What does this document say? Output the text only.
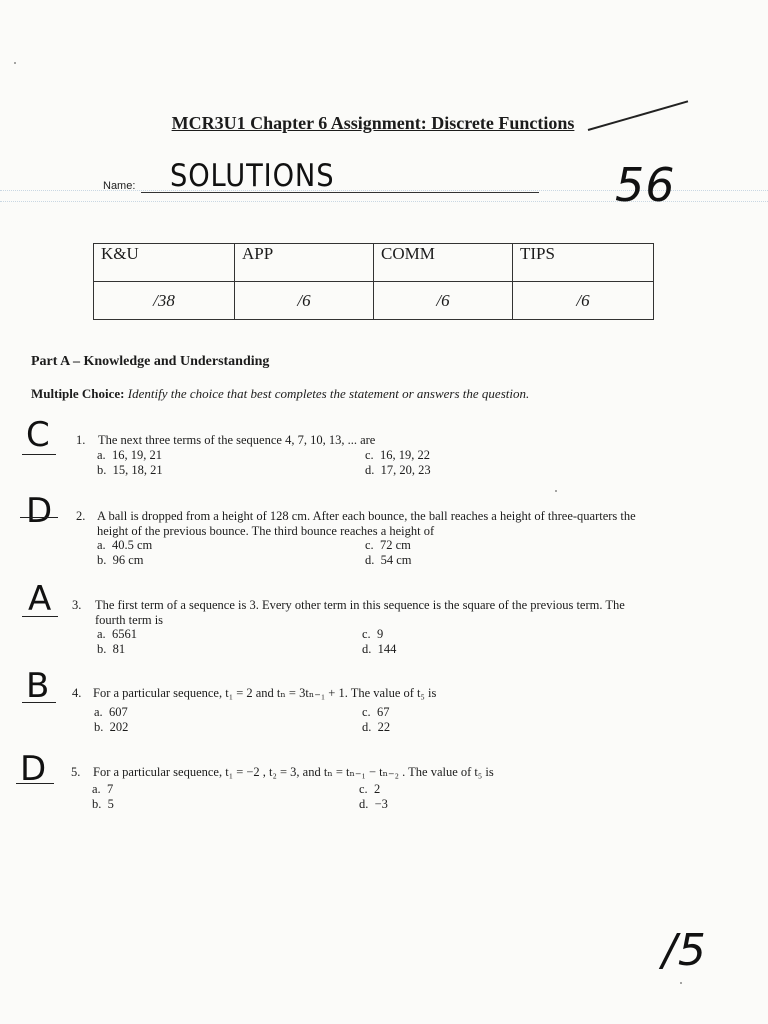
MCR3U1 Chapter 6 Assignment: Discrete Functions
Name: SOLUTIONS	56
K&U	APP	COMM	TIPS
/38	/6	/6	/6
Part A – Knowledge and Understanding
Multiple Choice: Identify the choice that best completes the statement or answers the question.
C 1. The next three terms of the sequence 4, 7, 10, 13, ... are
a. 16, 19, 21
b. 15, 18, 21
c. 16, 19, 22
d. 17, 20, 23
D 2. A ball is dropped from a height of 128 cm. After each bounce, the ball reaches a height of three-quarters the
height of the previous bounce. The third bounce reaches a height of
a. 40.5 cm
b. 96 cm
c. 72 cm
d. 54 cm
A 3. The first term of a sequence is 3. Every other term in this sequence is the square of the previous term. The
fourth term is
a. 6561
b. 81
c. 9
d. 144
B 4. For a particular sequence, t₁ = 2 and tₙ = 3tₙ₋₁ + 1. The value of t₅ is
a. 607
b. 202
c. 67
d. 22
D 5. For a particular sequence, t₁ = −2 , t₂ = 3, and tₙ = tₙ₋₁ − tₙ₋₂ . The value of t₅ is
a. 7
b. 5
c. 2
d. −3
/5
